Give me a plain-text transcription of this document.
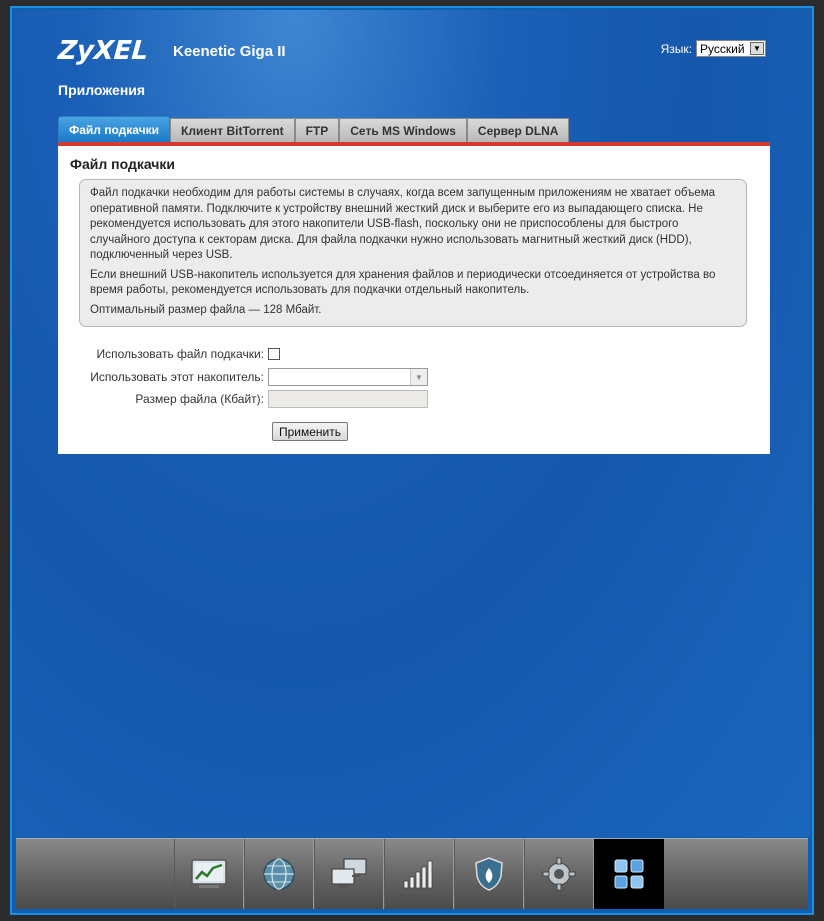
ZyXEL Keenetic Giga II	Язык: Русский	▼
Приложения
Файл подкачки	Клиент BitTorrent	FTP	Сеть MS Windows	Сервер DLNA
Файл подкачки

Файл подкачки необходим для работы системы в случаях, когда всем запущенным приложениям не хватает объема оперативной памяти. Подключите к устройству внешний жесткий диск и выберите его из выпадающего списка. Не рекомендуется использовать для этого накопители USB-flash, поскольку они не приспособлены для быстрого случайного доступа к секторам диска. Для файла подкачки нужно использовать магнитный жесткий диск (HDD), подключенный через USB.

Если внешний USB-накопитель используется для хранения файлов и периодически отсоединяется от устройства во время работы, рекомендуется использовать для подкачки отдельный накопитель.

Оптимальный размер файла — 128 Мбайт.

Использовать файл подкачки:
Использовать этот накопитель:	▼
Размер файла (Кбайт):
Применить
